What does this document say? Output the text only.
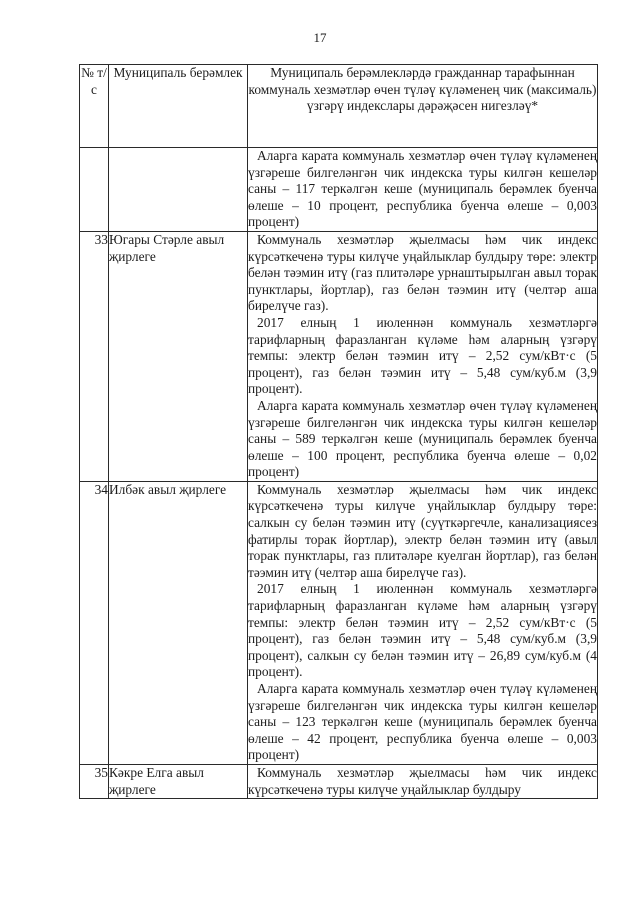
17
№ т/с	Муниципаль берәмлек	Муниципаль берәмлекләрдә гражданнар тарафыннан коммуналь хезмәтләр өчен түләү күләменең чик (максималь) үзгәрү индекслары дәрәҗәсен нигезләү*

		Аларга карата коммуналь хезмәтләр өчен түләү күләменең үзгәреше билгеләнгән чик индекска туры килгән кешеләр саны – 117 теркәлгән кеше (муниципаль берәмлек буенча өлеше – 10 процент, республика буенча өлеше – 0,003 процент)

33	Югары Стәрле авыл җирлеге	Коммуналь хезмәтләр җыелмасы һәм чик индекс күрсәткеченә туры килүче уңайлыклар булдыру төре: электр белән тәэмин итү (газ плитәләре урнаштырылган авыл торак пунктлары, йортлар), газ белән тәэмин итү (челтәр аша бирелүче газ).
2017 елның 1 июленнән коммуналь хезмәтләргә тарифларның фаразланган күләме һәм аларның үзгәрү темпы: электр белән тәэмин итү – 2,52 сум/кВт·с (5 процент), газ белән тәэмин итү – 5,48 сум/куб.м (3,9 процент).
Аларга карата коммуналь хезмәтләр өчен түләү күләменең үзгәреше билгеләнгән чик индекска туры килгән кешеләр саны – 589 теркәлгән кеше (муниципаль берәмлек буенча өлеше – 100 процент, республика буенча өлеше – 0,02 процент)

34	Илбәк авыл җирлеге	Коммуналь хезмәтләр җыелмасы һәм чик индекс күрсәткеченә туры килүче уңайлыклар булдыру төре: салкын су белән тәэмин итү (суүткәргечле, канализациясез фатирлы торак йортлар), электр белән тәэмин итү (авыл торак пунктлары, газ плитәләре куелган йортлар), газ белән тәэмин итү (челтәр аша бирелүче газ).
2017 елның 1 июленнән коммуналь хезмәтләргә тарифларның фаразланган күләме һәм аларның үзгәрү темпы: электр белән тәэмин итү – 2,52 сум/кВт·с (5 процент), газ белән тәэмин итү – 5,48 сум/куб.м (3,9 процент), салкын су белән тәэмин итү – 26,89 сум/куб.м (4 процент).
Аларга карата коммуналь хезмәтләр өчен түләү күләменең үзгәреше билгеләнгән чик индекска туры килгән кешеләр саны – 123 теркәлгән кеше (муниципаль берәмлек буенча өлеше – 42 процент, республика буенча өлеше – 0,003 процент)

35	Кәкре Елга авыл җирлеге	Коммуналь хезмәтләр җыелмасы һәм чик индекс күрсәткеченә туры килүче уңайлыклар булдыру
